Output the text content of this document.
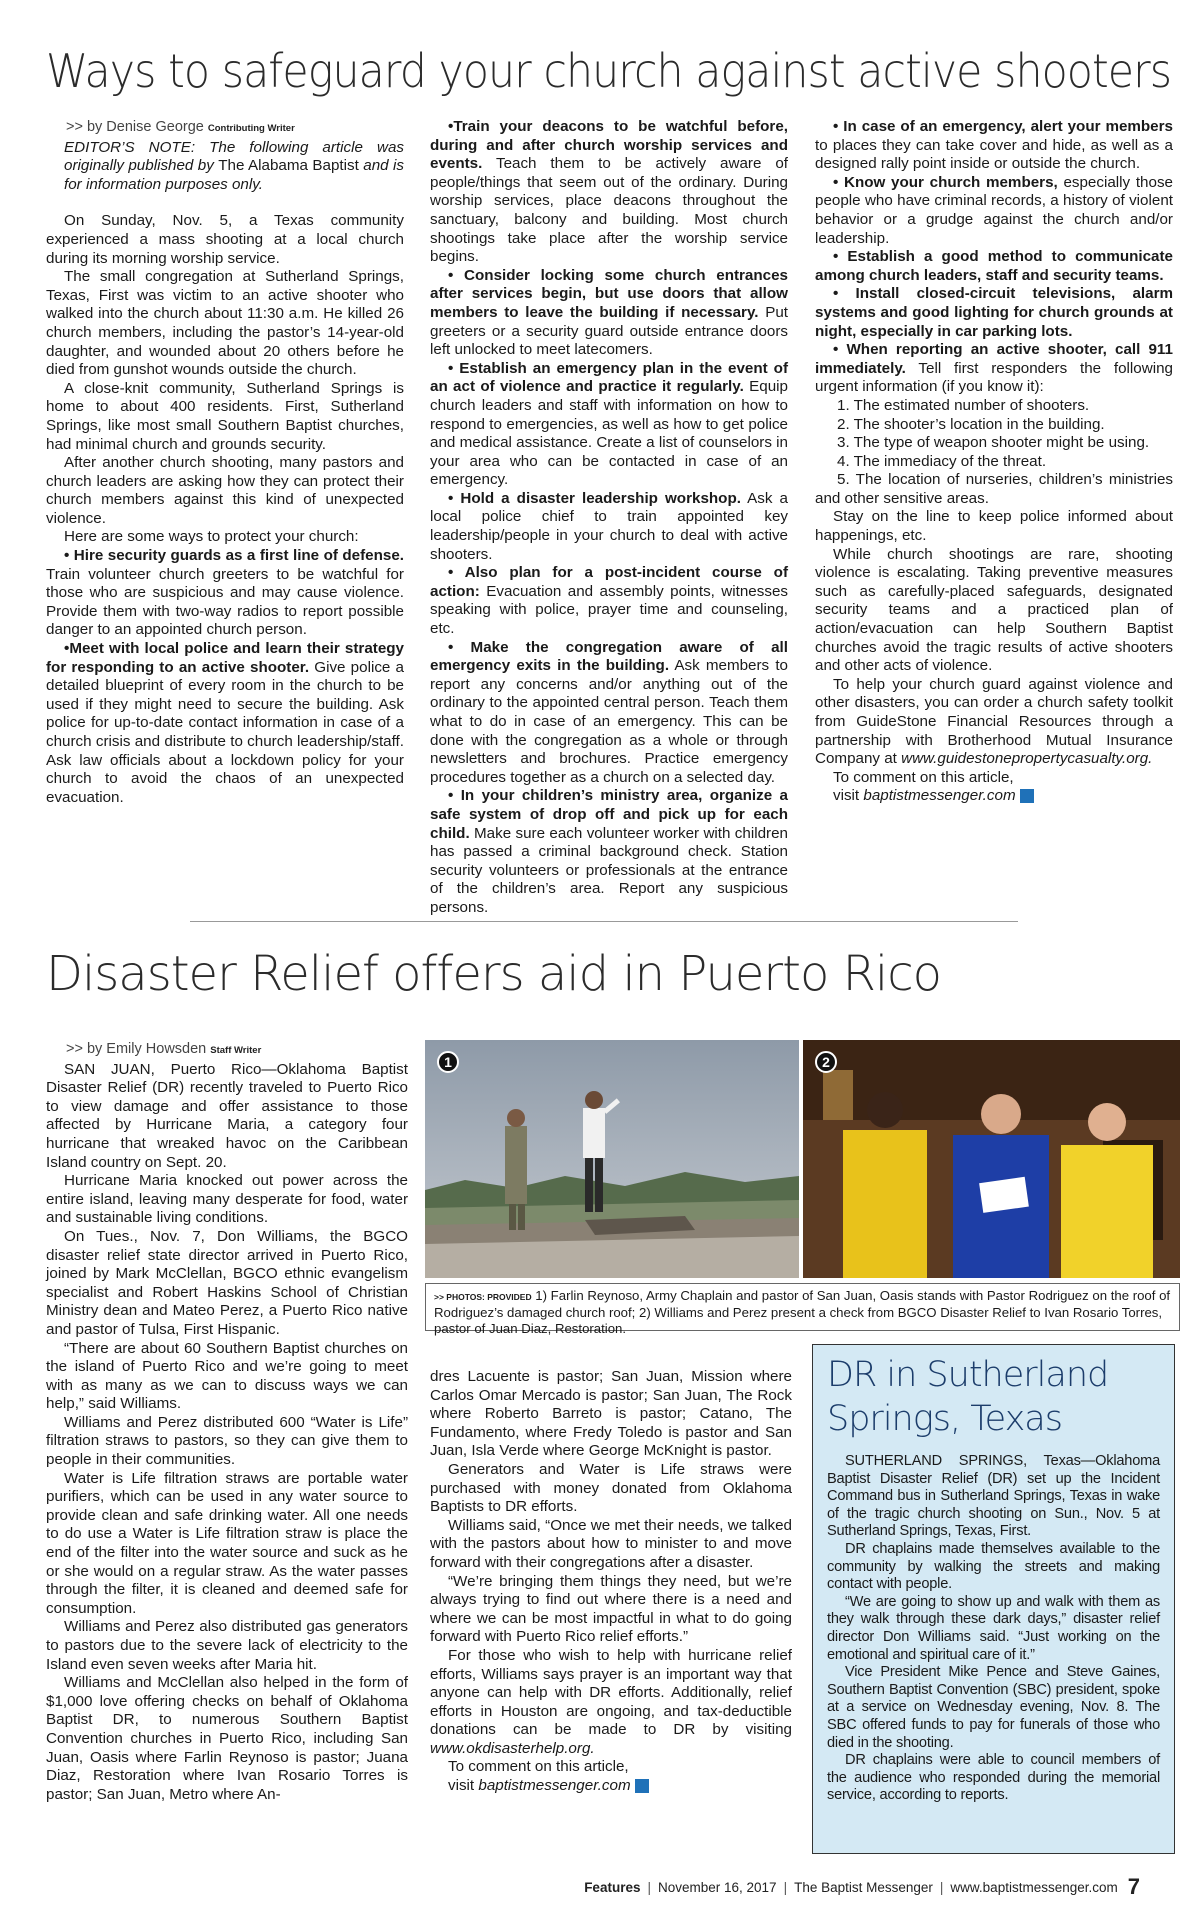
Ways to safeguard your church against active shooters

>> by Denise George Contributing Writer

EDITOR’S NOTE: The following article was originally published by The Alabama Baptist and is for information purposes only.

On Sunday, Nov. 5, a Texas community experienced a mass shooting at a local church during its morning worship service.

The small congregation at Sutherland Springs, Texas, First was victim to an active shooter who walked into the church about 11:30 a.m. He killed 26 church members, including the pastor’s 14-year-old daughter, and wounded about 20 others before he died from gunshot wounds outside the church.

A close-knit community, Sutherland Springs is home to about 400 residents. First, Sutherland Springs, like most small Southern Baptist churches, had minimal church and grounds security.

After another church shooting, many pastors and church leaders are asking how they can protect their church members against this kind of unexpected violence.

Here are some ways to protect your church:

• Hire security guards as a first line of defense. Train volunteer church greeters to be watchful for those who are suspicious and may cause violence. Provide them with two-way radios to report possible danger to an appointed church person.

•Meet with local police and learn their strategy for responding to an active shooter. Give police a detailed blueprint of every room in the church to be used if they might need to secure the building. Ask police for up-to-date contact information in case of a church crisis and distribute to church leadership/staff. Ask law officials about a lockdown policy for your church to avoid the chaos of an unexpected evacuation.

•Train your deacons to be watchful before, during and after church worship services and events. Teach them to be actively aware of people/things that seem out of the ordinary. During worship services, place deacons throughout the sanctuary, balcony and building. Most church shootings take place after the worship service begins.

• Consider locking some church entrances after services begin, but use doors that allow members to leave the building if necessary. Put greeters or a security guard outside entrance doors left unlocked to meet latecomers.

• Establish an emergency plan in the event of an act of violence and practice it regularly. Equip church leaders and staff with information on how to respond to emergencies, as well as how to get police and medical assistance. Create a list of counselors in your area who can be contacted in case of an emergency.

• Hold a disaster leadership workshop. Ask a local police chief to train appointed key leadership/people in your church to deal with active shooters.

• Also plan for a post-incident course of action: Evacuation and assembly points, witnesses speaking with police, prayer time and counseling, etc.

• Make the congregation aware of all emergency exits in the building. Ask members to report any concerns and/or anything out of the ordinary to the appointed central person. Teach them what to do in case of an emergency. This can be done with the congregation as a whole or through newsletters and brochures. Practice emergency procedures together as a church on a selected day.

• In your children’s ministry area, organize a safe system of drop off and pick up for each child. Make sure each volunteer worker with children has passed a criminal background check. Station security volunteers or professionals at the entrance of the children’s area. Report any suspicious persons.

• In case of an emergency, alert your members to places they can take cover and hide, as well as a designed rally point inside or outside the church.

• Know your church members, especially those people who have criminal records, a history of violent behavior or a grudge against the church and/or leadership.

• Establish a good method to communicate among church leaders, staff and security teams.

• Install closed-circuit televisions, alarm systems and good lighting for church grounds at night, especially in car parking lots.

• When reporting an active shooter, call 911 immediately. Tell first responders the following urgent information (if you know it):

1. The estimated number of shooters.

2. The shooter’s location in the building.

3. The type of weapon shooter might be using.

4. The immediacy of the threat.

5. The location of nurseries, children’s ministries and other sensitive areas.

Stay on the line to keep police informed about happenings, etc.

While church shootings are rare, shooting violence is escalating. Taking preventive measures such as carefully-placed safeguards, designated security teams and a practiced plan of action/evacuation can help Southern Baptist churches avoid the tragic results of active shooters and other acts of violence.

To help your church guard against violence and other disasters, you can order a church safety toolkit from GuideStone Financial Resources through a partnership with Brotherhood Mutual Insurance Company at www.guidestonepropertycasualty.org.

To comment on this article,

visit baptistmessenger.com m

Disaster Relief offers aid in Puerto Rico

>> by Emily Howsden Staff Writer

SAN JUAN, Puerto Rico—Oklahoma Baptist Disaster Relief (DR) recently traveled to Puerto Rico to view damage and offer assistance to those affected by Hurricane Maria, a category four hurricane that wreaked havoc on the Caribbean Island country on Sept. 20.

Hurricane Maria knocked out power across the entire island, leaving many desperate for food, water and sustainable living conditions.

On Tues., Nov. 7, Don Williams, the BGCO disaster relief state director arrived in Puerto Rico, joined by Mark McClellan, BGCO ethnic evangelism specialist and Robert Haskins School of Christian Ministry dean and Mateo Perez, a Puerto Rico native and pastor of Tulsa, First Hispanic.

“There are about 60 Southern Baptist churches on the island of Puerto Rico and we’re going to meet with as many as we can to discuss ways we can help,” said Williams.

Williams and Perez distributed 600 “Water is Life” filtration straws to pastors, so they can give them to people in their communities.

Water is Life filtration straws are portable water purifiers, which can be used in any water source to provide clean and safe drinking water. All one needs to do use a Water is Life filtration straw is place the end of the filter into the water source and suck as he or she would on a regular straw. As the water passes through the filter, it is cleaned and deemed safe for consumption.

Williams and Perez also distributed gas generators to pastors due to the severe lack of electricity to the Island even seven weeks after Maria hit.

Williams and McClellan also helped in the form of $1,000 love offering checks on behalf of Oklahoma Baptist DR, to numerous Southern Baptist Convention churches in Puerto Rico, including San Juan, Oasis where Farlin Reynoso is pastor; Juana Diaz, Restoration where Ivan Rosario Torres is pastor; San Juan, Metro where An-

1	2
>> PHOTOS: PROVIDED 1) Farlin Reynoso, Army Chaplain and pastor of San Juan, Oasis stands with Pastor Rodriguez on the roof of Rodriguez’s damaged church roof; 2) Williams and Perez present a check from BGCO Disaster Relief to Ivan Rosario Torres, pastor of Juan Diaz, Restoration.

dres Lacuente is pastor; San Juan, Mission where Carlos Omar Mercado is pastor; San Juan, The Rock where Roberto Barreto is pastor; Catano, The Fundamento, where Fredy Toledo is pastor and San Juan, Isla Verde where George McKnight is pastor.

Generators and Water is Life straws were purchased with money donated from Oklahoma Baptists to DR efforts.

Williams said, “Once we met their needs, we talked with the pastors about how to minister to and move forward with their congregations after a disaster.

“We’re bringing them things they need, but we’re always trying to find out where there is a need and where we can be most impactful in what to do going forward with Puerto Rico relief efforts.”

For those who wish to help with hurricane relief efforts, Williams says prayer is an important way that anyone can help with DR efforts. Additionally, relief efforts in Houston are ongoing, and tax-deductible donations can be made to DR by visiting www.okdisasterhelp.org.

To comment on this article,

visit baptistmessenger.com m

DR in Sutherland Springs, Texas

SUTHERLAND SPRINGS, Texas—Oklahoma Baptist Disaster Relief (DR) set up the Incident Command bus in Sutherland Springs, Texas in wake of the tragic church shooting on Sun., Nov. 5 at Sutherland Springs, Texas, First.

DR chaplains made themselves available to the community by walking the streets and making contact with people.

“We are going to show up and walk with them as they walk through these dark days,” disaster relief director Don Williams said. “Just working on the emotional and spiritual care of it.”

Vice President Mike Pence and Steve Gaines, Southern Baptist Convention (SBC) president, spoke at a service on Wednesday evening, Nov. 8. The SBC offered funds to pay for funerals of those who died in the shooting.

DR chaplains were able to council members of the audience who responded during the memorial service, according to reports.

Features | November 16, 2017 | The Baptist Messenger | www.baptistmessenger.com 7
